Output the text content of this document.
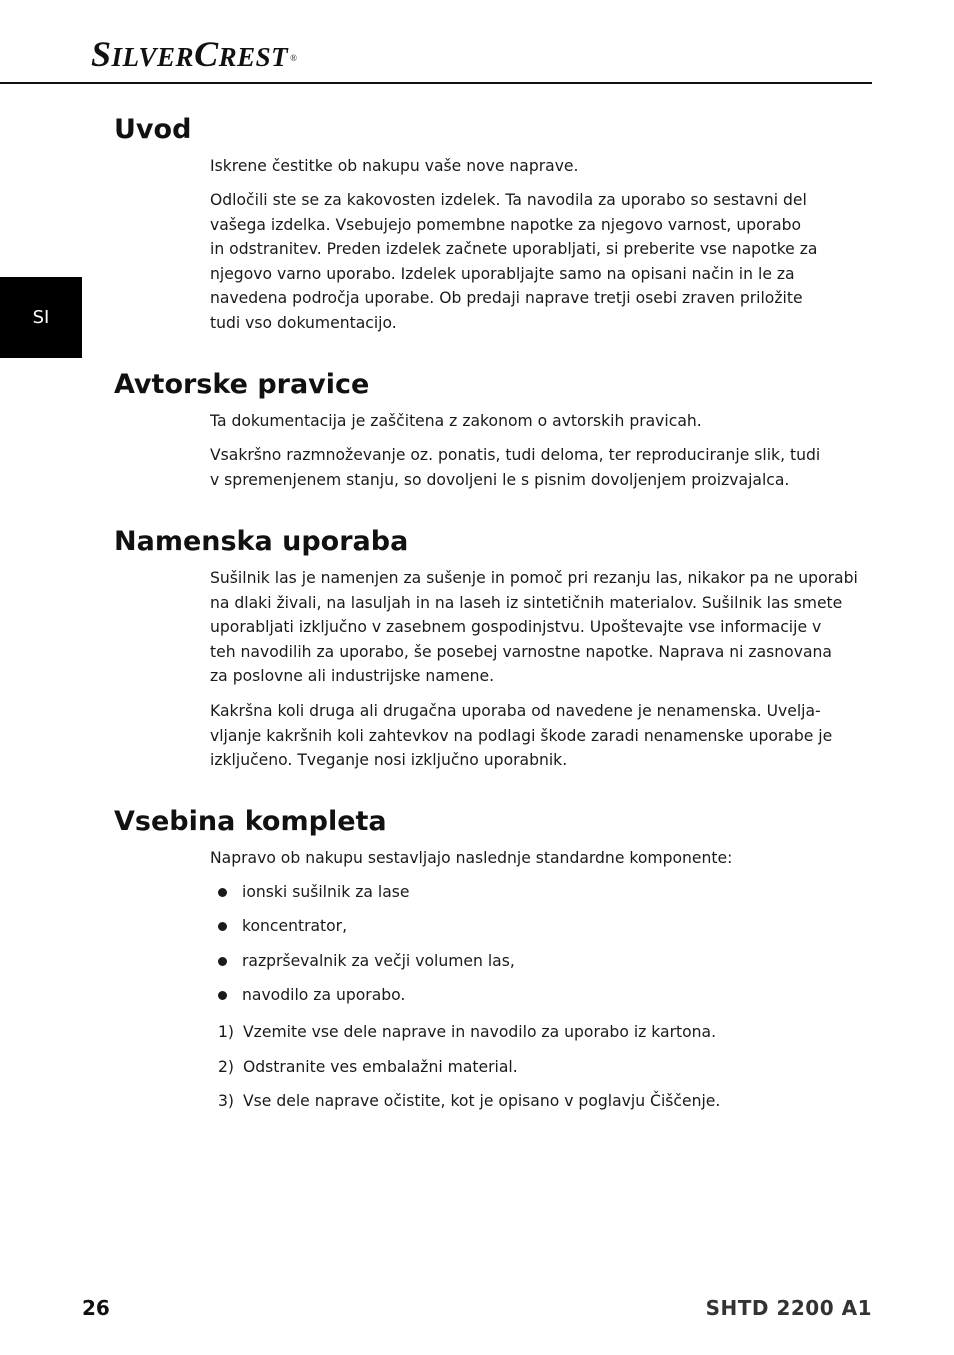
SILVERCREST ®
SI
Uvod

Iskrene čestitke ob nakupu vaše nove naprave.

Odločili ste se za kakovosten izdelek. Ta navodila za uporabo so sestavni del
vašega izdelka. Vsebujejo pomembne napotke za njegovo varnost, uporabo
in odstranitev. Preden izdelek začnete uporabljati, si preberite vse napotke za
njegovo varno uporabo. Izdelek uporabljajte samo na opisani način in le za
navedena področja uporabe. Ob predaji naprave tretji osebi zraven priložite
tudi vso dokumentacijo.

Avtorske pravice

Ta dokumentacija je zaščitena z zakonom o avtorskih pravicah.

Vsakršno razmnoževanje oz. ponatis, tudi deloma, ter reproduciranje slik, tudi
v spremenjenem stanju, so dovoljeni le s pisnim dovoljenjem proizvajalca.

Namenska uporaba

Sušilnik las je namenjen za sušenje in pomoč pri rezanju las, nikakor pa ne uporabi
na dlaki živali, na lasuljah in na laseh iz sintetičnih materialov. Sušilnik las smete
uporabljati izključno v zasebnem gospodinjstvu. Upoštevajte vse informacije v
teh navodilih za uporabo, še posebej varnostne napotke. Naprava ni zasnovana
za poslovne ali industrijske namene.

Kakršna koli druga ali drugačna uporaba od navedene je nenamenska. Uvelja-
vljanje kakršnih koli zahtevkov na podlagi škode zaradi nenamenske uporabe je
izključeno. Tveganje nosi izključno uporabnik.

Vsebina kompleta

Napravo ob nakupu sestavljajo naslednje standardne komponente:

ionski sušilnik za lase
koncentrator,
razprševalnik za večji volumen las,
navodilo za uporabo.
1) Vzemite vse dele naprave in navodilo za uporabo iz kartona.
2) Odstranite ves embalažni material.
3) Vse dele naprave očistite, kot je opisano v poglavju Čiščenje.
26	SHTD 2200 A1
